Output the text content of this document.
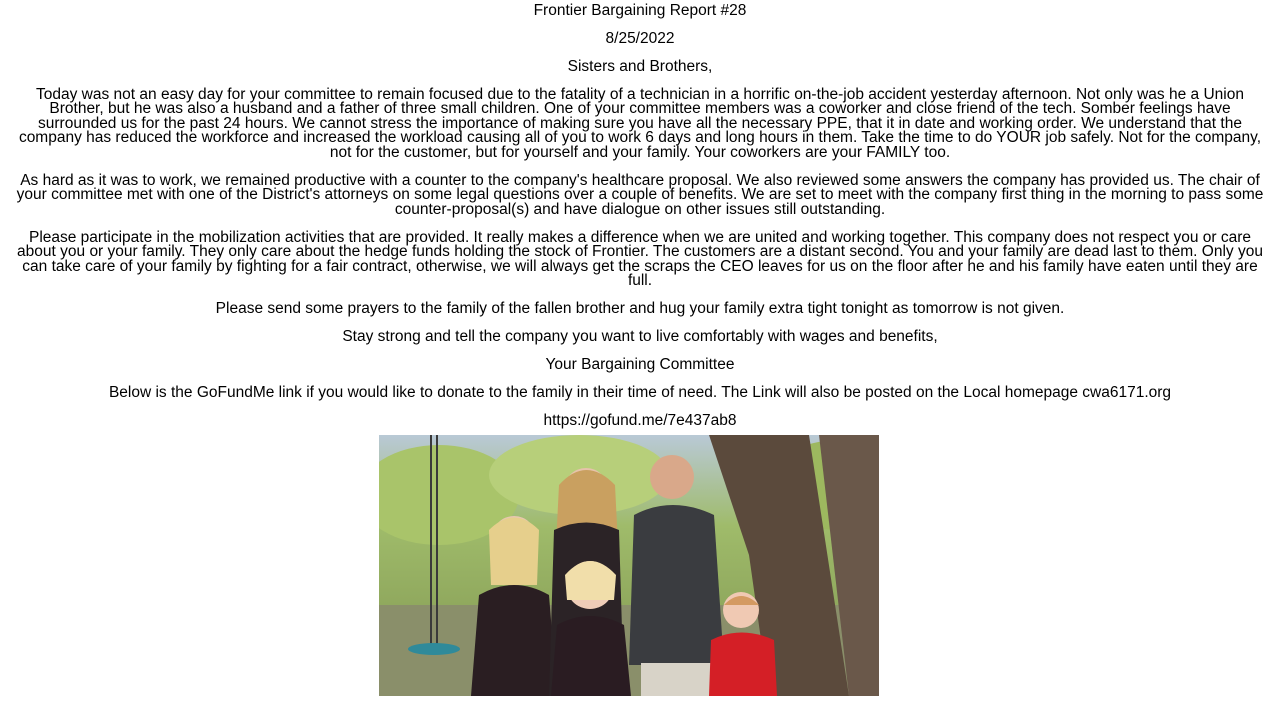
Frontier Bargaining Report #28
8/25/2022
Sisters and Brothers,
Today was not an easy day for your committee to remain focused due to the fatality of a technician in a horrific on-the-job accident yesterday afternoon. Not only was he a Union Brother, but he was also a husband and a father of three small children. One of your committee members was a coworker and close friend of the tech. Somber feelings have surrounded us for the past 24 hours. We cannot stress the importance of making sure you have all the necessary PPE, that it in date and working order. We understand that the company has reduced the workforce and increased the workload causing all of you to work 6 days and long hours in them. Take the time to do YOUR job safely. Not for the company, not for the customer, but for yourself and your family. Your coworkers are your FAMILY too.
As hard as it was to work, we remained productive with a counter to the company's healthcare proposal. We also reviewed some answers the company has provided us. The chair of your committee met with one of the District's attorneys on some legal questions over a couple of benefits. We are set to meet with the company first thing in the morning to pass some counter-proposal(s) and have dialogue on other issues still outstanding.
Please participate in the mobilization activities that are provided. It really makes a difference when we are united and working together. This company does not respect you or care about you or your family. They only care about the hedge funds holding the stock of Frontier. The customers are a distant second. You and your family are dead last to them. Only you can take care of your family by fighting for a fair contract, otherwise, we will always get the scraps the CEO leaves for us on the floor after he and his family have eaten until they are full.
Please send some prayers to the family of the fallen brother and hug your family extra tight tonight as tomorrow is not given.
Stay strong and tell the company you want to live comfortably with wages and benefits,
Your Bargaining Committee
Below is the GoFundMe link if you would like to donate to the family in their time of need. The Link will also be posted on the Local homepage cwa6171.org
https://gofund.me/7e437ab8
